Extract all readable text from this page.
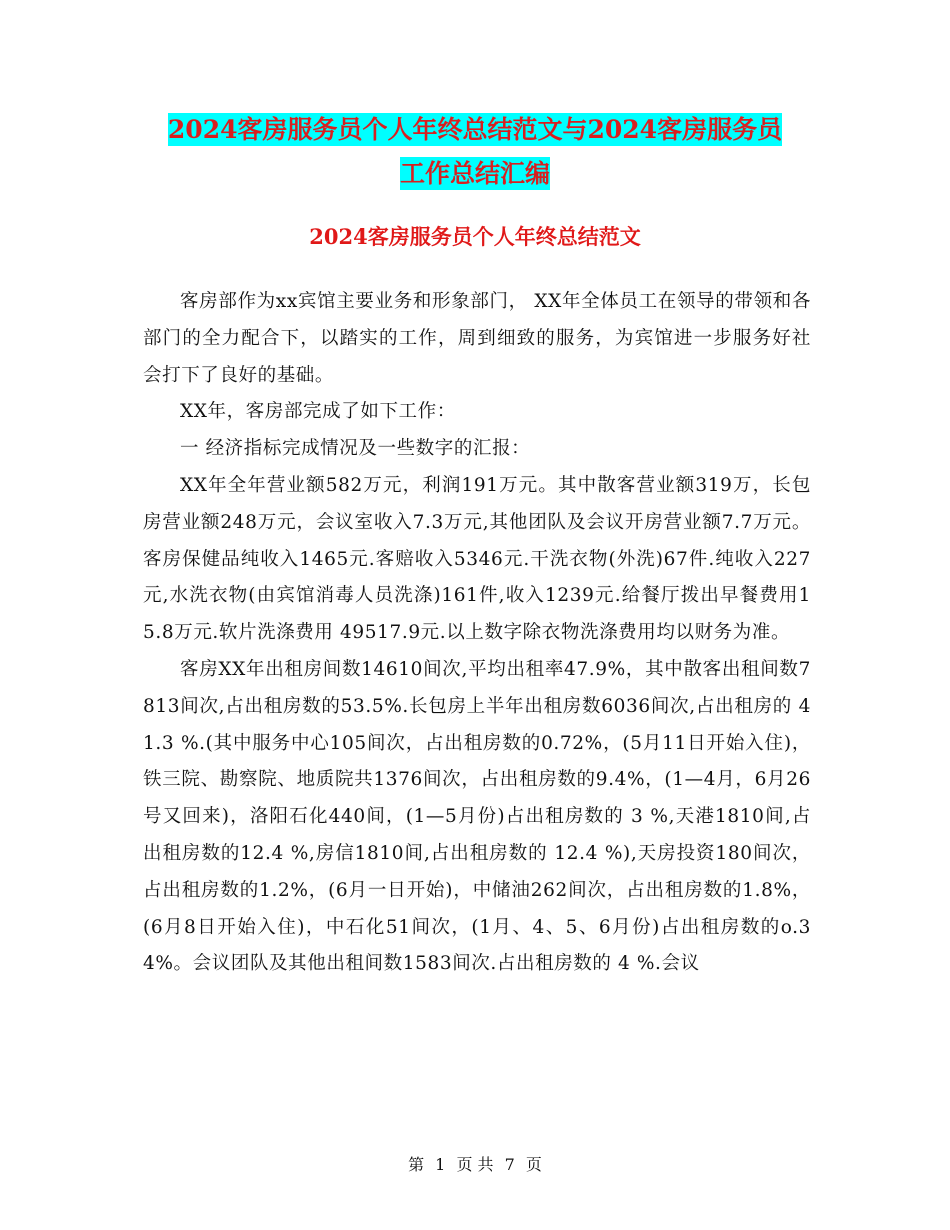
2024客房服务员个人年终总结范文与2024客房服务员
工作总结汇编
2024客房服务员个人年终总结范文

客房部作为xx宾馆主要业务和形象部门， XX年全体员工在领导的带领和各部门的全力配合下，以踏实的工作，周到细致的服务，为宾馆进一步服务好社会打下了良好的基础。

XX年，客房部完成了如下工作：

一 经济指标完成情况及一些数字的汇报：

XX年全年营业额582万元，利润191万元。其中散客营业额319万，长包房营业额248万元，会议室收入7.3万元,其他团队及会议开房营业额7.7万元。客房保健品纯收入1465元.客赔收入5346元.干洗衣物(外洗)67件.纯收入227元,水洗衣物(由宾馆消毒人员洗涤)161件,收入1239元.给餐厅拨出早餐费用15.8万元.软片洗涤费用 49517.9元.以上数字除衣物洗涤费用均以财务为准。

客房XX年出租房间数14610间次,平均出租率47.9%，其中散客出租间数7813间次,占出租房数的53.5%.长包房上半年出租房数6036间次,占出租房的 41.3 %.(其中服务中心105间次，占出租房数的0.72%，(5月11日开始入住)，铁三院、勘察院、地质院共1376间次，占出租房数的9.4%，(1—4月，6月26号又回来)，洛阳石化440间，(1—5月份)占出租房数的 3 %,天港1810间,占出租房数的12.4 %,房信1810间,占出租房数的 12.4 %),天房投资180间次，占出租房数的1.2%，(6月一日开始)，中储油262间次，占出租房数的1.8%，(6月8日开始入住)，中石化51间次，(1月、4、5、6月份)占出租房数的o.34%。会议团队及其他出租间数1583间次.占出租房数的 4 %.会议

第 1 页 共 7 页
